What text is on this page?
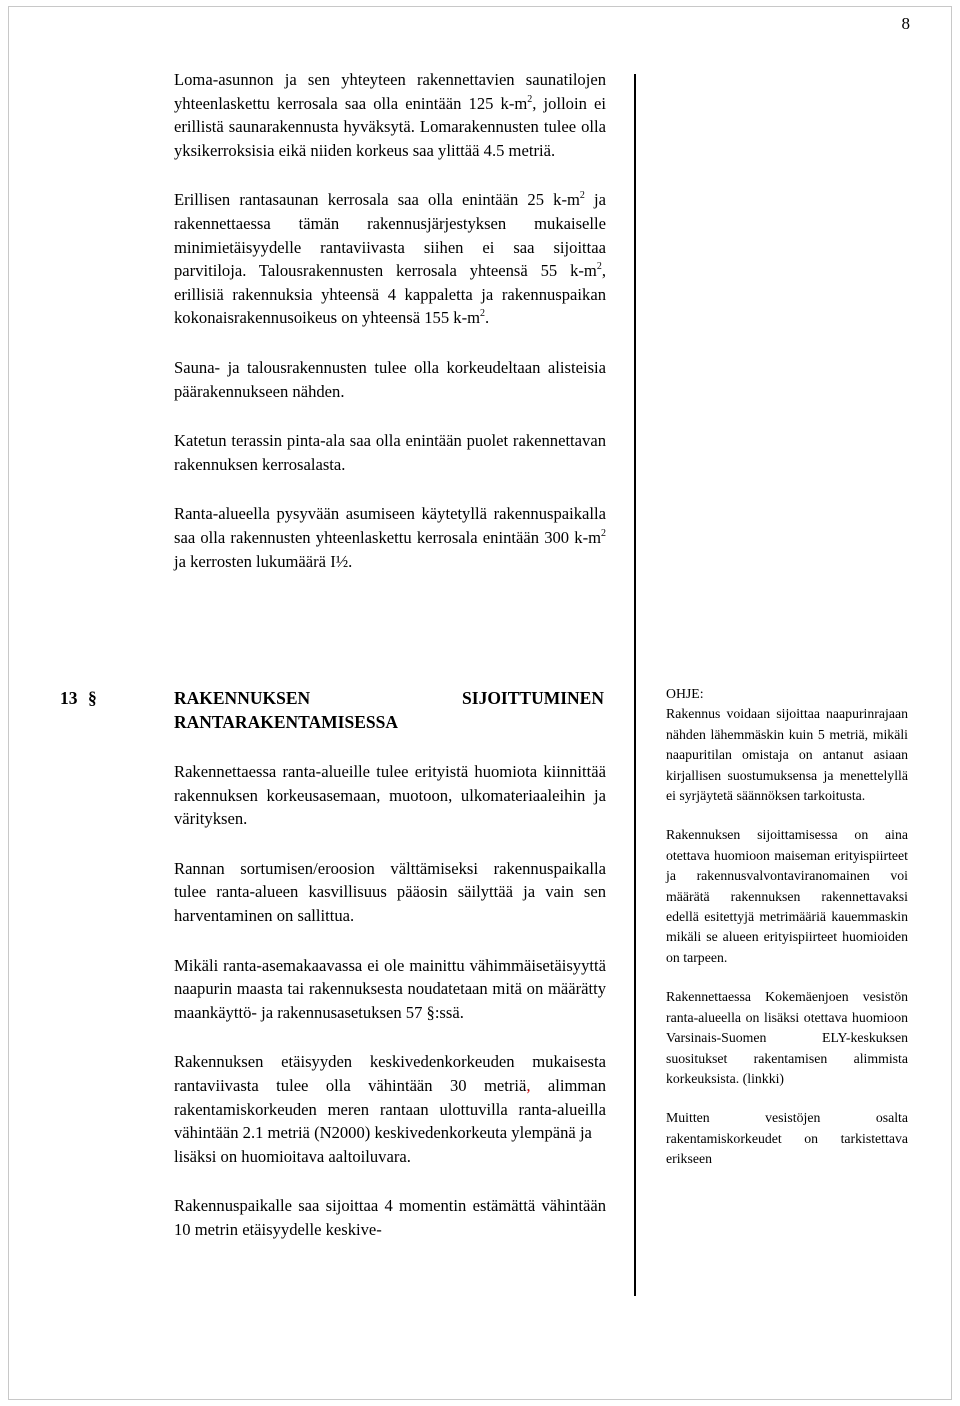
8

Loma-asunnon ja sen yhteyteen rakennettavien saunatilojen yhteenlaskettu kerrosala saa olla enintään 125 $k-m^2$, jolloin ei erillistä saunarakennusta hyväksytä. Lomarakennusten tulee olla yksikerroksisia eikä niiden korkeus saa ylittää 4.5 metriä.

Erillisen rantasaunan kerrosala saa olla enintään 25 $k-m^2$ ja rakennettaessa tämän rakennusjärjestyksen mukaiselle minimietäisyydelle rantaviivasta siihen ei saa sijoittaa parvitiloja. Talousrakennusten kerrosala yhteensä 55 $k-m^2$, erillisiä rakennuksia yhteensä 4 kappaletta ja rakennuspaikan kokonaisrakennusoikeus on yhteensä 155 $k-m^2$.

Sauna- ja talousrakennusten tulee olla korkeudeltaan alisteisia päärakennukseen nähden.

Katetun terassin pinta-ala saa olla enintään puolet rakennettavan rakennuksen kerrosalasta.

Ranta-alueella pysyvään asumiseen käytetyllä rakennuspaikalla saa olla rakennusten yhteenlaskettu kerrosala enintään 300 $k-m^2$ ja kerrosten lukumäärä I½.

13 §	RAKENNUKSEN SIJOITTUMINEN RANTARAKENTAMISESSA

Rakennettaessa ranta-alueille tulee erityistä huomiota kiinnittää rakennuksen korkeusasemaan, muotoon, ulkomateriaaleihin ja värityksen.

Rannan sortumisen/eroosion välttämiseksi rakennuspaikalla tulee ranta-alueen kasvillisuus pääosin säilyttää ja vain sen harventaminen on sallittua.

Mikäli ranta-asemakaavassa ei ole mainittu vähimmäisetäisyyttä naapurin maasta tai rakennuksesta noudatetaan mitä on määrätty maankäyttö- ja rakennusasetuksen 57 §:ssä.

Rakennuksen etäisyyden keskivedenkorkeuden mukaisesta rantaviivasta tulee olla vähintään 30 metriä, alimman rakentamiskorkeuden meren rantaan ulottuvilla ranta-alueilla vähintään 2.1 metriä (N2000) keskivedenkorkeuta ylempänä ja
lisäksi on huomioitava aaltoiluvara.

Rakennuspaikalle saa sijoittaa 4 momentin estämättä vähintään 10 metrin etäisyydelle keskive-

OHJE:

Rakennus voidaan sijoittaa naapurinrajaan nähden lähemmäskin kuin 5 metriä, mikäli naapuritilan omistaja on antanut asiaan kirjallisen suostumuksensa ja menettelyllä ei syrjäytetä säännöksen tarkoitusta.

Rakennuksen sijoittamisessa on aina otettava huomioon maiseman erityispiirteet ja rakennusvalvontaviranomainen voi määrätä rakennuksen rakennettavaksi edellä esitettyjä metrimääriä kauemmaskin mikäli se alueen erityispiirteet huomioiden on tarpeen.

Rakennettaessa Kokemäenjoen vesistön ranta-alueella on lisäksi otettava huomioon Varsinais-Suomen ELY-keskuksen suositukset rakentamisen alimmista korkeuksista. (linkki)

Muitten vesistöjen osalta rakentamiskorkeudet on tarkistettava erikseen
